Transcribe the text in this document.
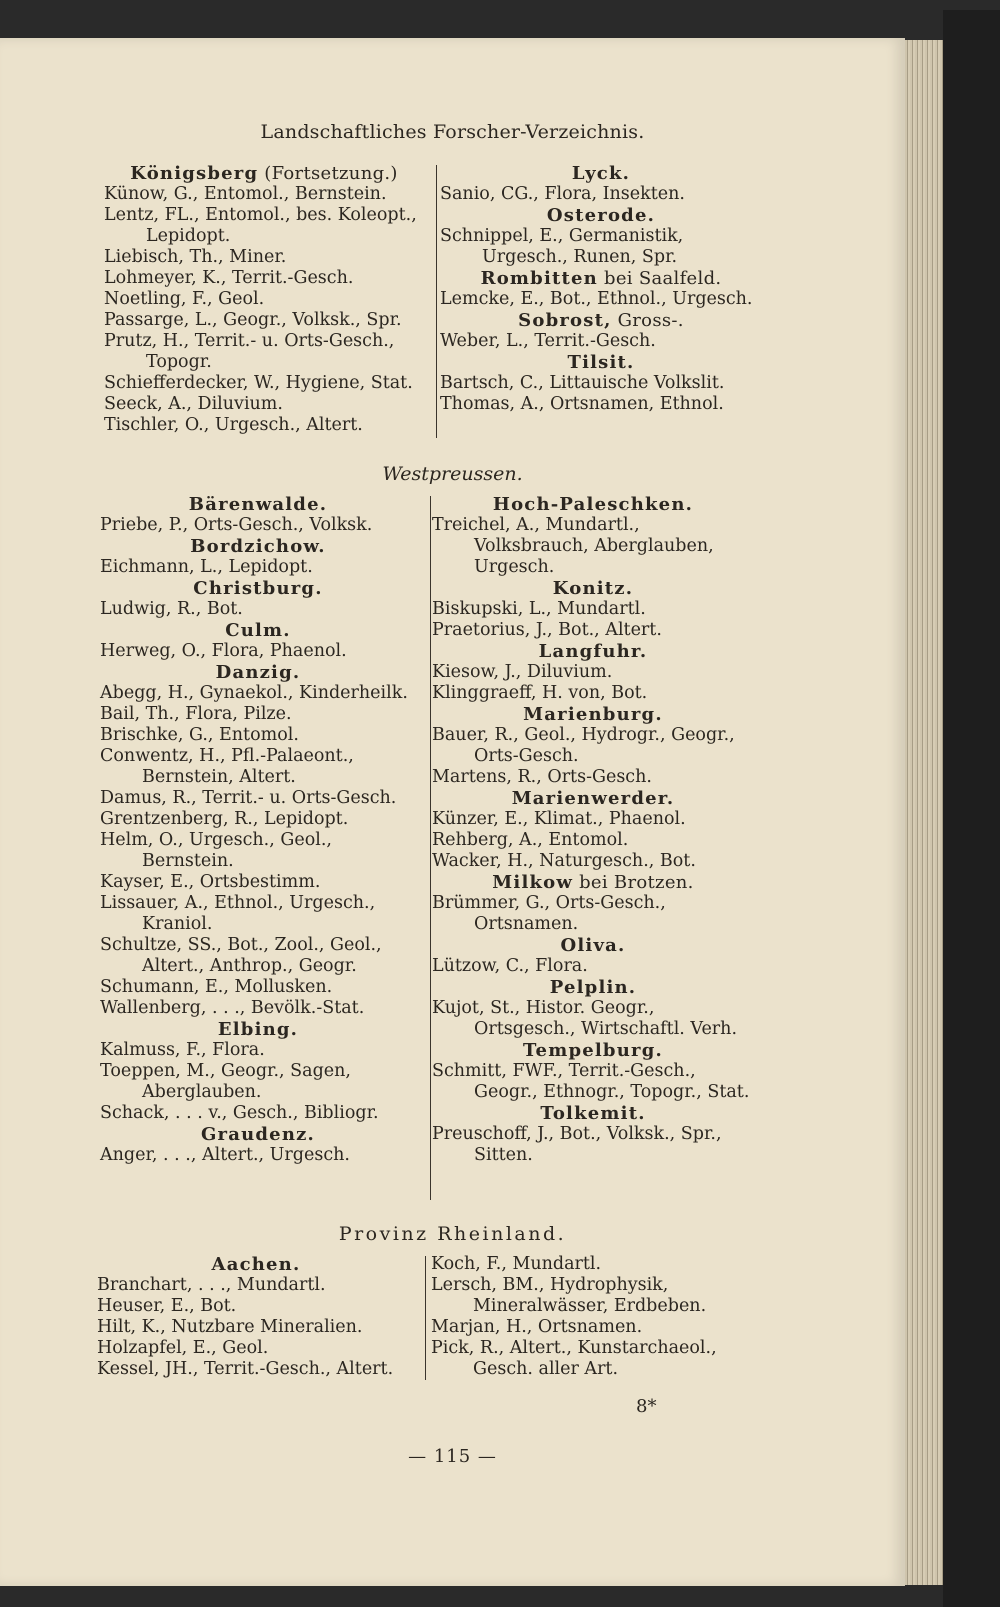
Landschaftliches Forscher-Verzeichnis.
Königsberg (Fortsetzung.)
Künow, G., Entomol., Bernstein.
Lentz, FL., Entomol., bes. Koleopt., Lepidopt.
Liebisch, Th., Miner.
Lohmeyer, K., Territ.-Gesch.
Noetling, F., Geol.
Passarge, L., Geogr., Volksk., Spr.
Prutz, H., Territ.- u. Orts-Gesch., Topogr.
Schiefferdecker, W., Hygiene, Stat.
Seeck, A., Diluvium.
Tischler, O., Urgesch., Altert.
Lyck.
Sanio, CG., Flora, Insekten.
Osterode.
Schnippel, E., Germanistik, Urgesch., Runen, Spr.
Rombitten bei Saalfeld.
Lemcke, E., Bot., Ethnol., Urgesch.
Sobrost, Gross-.
Weber, L., Territ.-Gesch.
Tilsit.
Bartsch, C., Littauische Volkslit.
Thomas, A., Ortsnamen, Ethnol.
Westpreussen.
Bärenwalde.
Priebe, P., Orts-Gesch., Volksk.
Bordzichow.
Eichmann, L., Lepidopt.
Christburg.
Ludwig, R., Bot.
Culm.
Herweg, O., Flora, Phaenol.
Danzig.
Abegg, H., Gynaekol., Kinderheilk.
Bail, Th., Flora, Pilze.
Brischke, G., Entomol.
Conwentz, H., Pfl.-Palaeont., Bernstein, Altert.
Damus, R., Territ.- u. Orts-Gesch.
Grentzenberg, R., Lepidopt.
Helm, O., Urgesch., Geol., Bernstein.
Kayser, E., Ortsbestimm.
Lissauer, A., Ethnol., Urgesch., Kraniol.
Schultze, SS., Bot., Zool., Geol., Altert., Anthrop., Geogr.
Schumann, E., Mollusken.
Wallenberg, . . ., Bevölk.-Stat.
Elbing.
Kalmuss, F., Flora.
Toeppen, M., Geogr., Sagen, Aberglauben.
Schack, . . . v., Gesch., Bibliogr.
Graudenz.
Anger, . . ., Altert., Urgesch.
Hoch-Paleschken.
Treichel, A., Mundartl., Volksbrauch, Aberglauben, Urgesch.
Konitz.
Biskupski, L., Mundartl.
Praetorius, J., Bot., Altert.
Langfuhr.
Kiesow, J., Diluvium.
Klinggraeff, H. von, Bot.
Marienburg.
Bauer, R., Geol., Hydrogr., Geogr., Orts-Gesch.
Martens, R., Orts-Gesch.
Marienwerder.
Künzer, E., Klimat., Phaenol.
Rehberg, A., Entomol.
Wacker, H., Naturgesch., Bot.
Milkow bei Brotzen.
Brümmer, G., Orts-Gesch., Ortsnamen.
Oliva.
Lützow, C., Flora.
Pelplin.
Kujot, St., Histor. Geogr., Ortsgesch., Wirtschaftl. Verh.
Tempelburg.
Schmitt, FWF., Territ.-Gesch., Geogr., Ethnogr., Topogr., Stat.
Tolkemit.
Preuschoff, J., Bot., Volksk., Spr., Sitten.
Provinz Rheinland.
Aachen.
Branchart, . . ., Mundartl.
Heuser, E., Bot.
Hilt, K., Nutzbare Mineralien.
Holzapfel, E., Geol.
Kessel, JH., Territ.-Gesch., Altert.
Koch, F., Mundartl.
Lersch, BM., Hydrophysik, Mineralwässer, Erdbeben.
Marjan, H., Ortsnamen.
Pick, R., Altert., Kunstarchaeol., Gesch. aller Art.
8*
— 115 —
